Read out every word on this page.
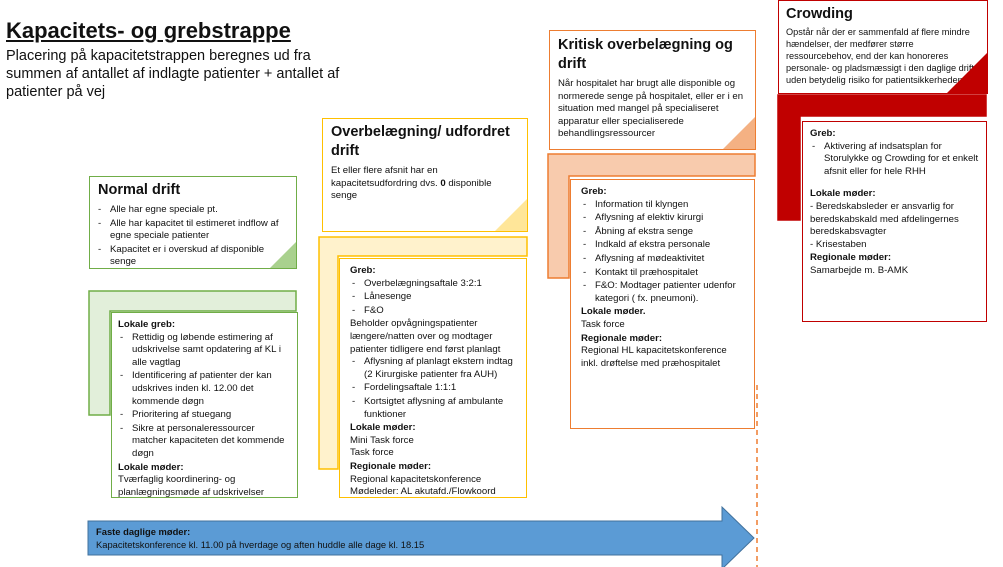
Kapacitets- og grebstrappe
Placering på kapacitetstrappen beregnes ud fra summen af antallet af indlagte patienter + antallet af patienter på vej
Normal drift
- Alle har egne speciale pt.
- Alle har kapacitet til estimeret indflow af egne speciale patienter
- Kapacitet er i overskud af disponible senge
Lokale greb:
- Rettidig og løbende estimering af udskrivelse samt opdatering af KL i alle vagtlag
- Identificering af patienter der kan udskrives inden kl. 12.00 det kommende døgn
- Prioritering af stuegang
- Sikre at personaleressourcer matcher kapaciteten det kommende døgn
Lokale møder:

Tværfaglig koordinering- og planlægningsmøde af udskrivelser

Overbelægning/ udfordret drift

Et eller flere afsnit har en kapacitetsudfordring dvs. 0 disponible senge

Greb:
- Overbelægningsaftale 3:2:1
- Lånesenge
- F&O

Beholder opvågningspatienter længere/natten over og modtager patienter tidligere end først planlagt

- Aflysning af planlagt ekstern indtag (2 Kirurgiske patienter fra AUH)
- Fordelingsaftale 1:1:1
- Kortsigtet aflysning af ambulante funktioner
Lokale møder:

Mini Task force

Task force

Regionale møder:

Regional kapacitetskonference

Mødeleder: AL akutafd./Flowkoord

Kritisk overbelægning og drift

Når hospitalet har brugt alle disponible og normerede senge på hospitalet, eller er i en situation med mangel på specialiseret apparatur eller specialiserede behandlingsressourcer

Greb:
- Information til klyngen
- Aflysning af elektiv kirurgi
- Åbning af ekstra senge
- Indkald af ekstra personale
- Aflysning af mødeaktivitet
- Kontakt til præhospitalet
- F&O: Modtager patienter udenfor kategori ( fx. pneumoni).
Lokale møder.

Task force

Regionale møder:

Regional HL kapacitetskonference inkl. drøftelse med præhospitalet

Crowding

Opstår når der er sammenfald af flere mindre hændelser, der medfører større ressourcebehov, end der kan honoreres personale- og pladsmæssigt i den daglige drift uden betydelig risiko for patientsikkerheden.

Greb:
- Aktivering af indsatsplan for Storulykke og Crowding for et enkelt afsnit eller for hele RHH
Lokale møder:

- Beredskabsleder er ansvarlig for beredskabskald med afdelingernes beredskabsvagter

- Krisestaben

Regionale møder:

Samarbejde m. B-AMK

Faste daglige møder:
Kapacitetskonference kl. 11.00 på hverdage og aften huddle alle dage kl. 18.15
